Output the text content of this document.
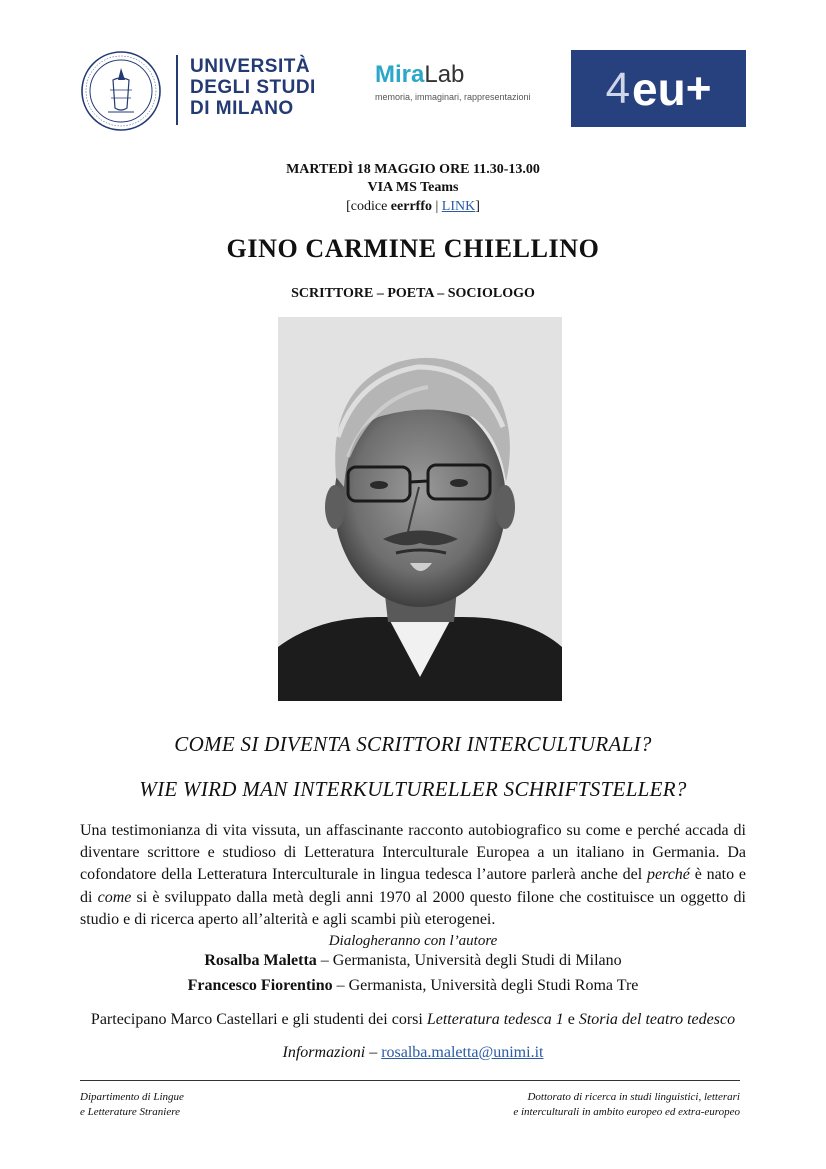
UNIVERSITÀ
DEGLI STUDI
DI MILANO
MiraLab
memoria, immaginari, rappresentazioni 4 eu +
MARTEDÌ 18 MAGGIO ORE 11.30-13.00
VIA MS Teams
[codice eerrffo | LINK]
GINO CARMINE CHIELLINO
SCRITTORE – POETA – SOCIOLOGO
COME SI DIVENTA SCRITTORI INTERCULTURALI?
WIE WIRD MAN INTERKULTURELLER SCHRIFTSTELLER?
Una testimonianza di vita vissuta, un affascinante racconto autobiografico su come e perché accada di diventare scrittore e studioso di Letteratura Interculturale Europea a un italiano in Germania. Da cofondatore della Letteratura Interculturale in lingua tedesca l’autore parlerà anche del perché è nato e di come si è sviluppato dalla metà degli anni 1970 al 2000 questo filone che costituisce un oggetto di studio e di ricerca aperto all’alterità e agli scambi più eterogenei.
Dialogheranno con l’autore
Rosalba Maletta – Germanista, Università degli Studi di Milano
Francesco Fiorentino – Germanista, Università degli Studi Roma Tre
Partecipano Marco Castellari e gli studenti dei corsi Letteratura tedesca 1 e Storia del teatro tedesco
Informazioni – rosalba.maletta@unimi.it
Dipartimento di Lingue
e Letterature Straniere
Dottorato di ricerca in studi linguistici, letterari
e interculturali in ambito europeo ed extra-europeo
